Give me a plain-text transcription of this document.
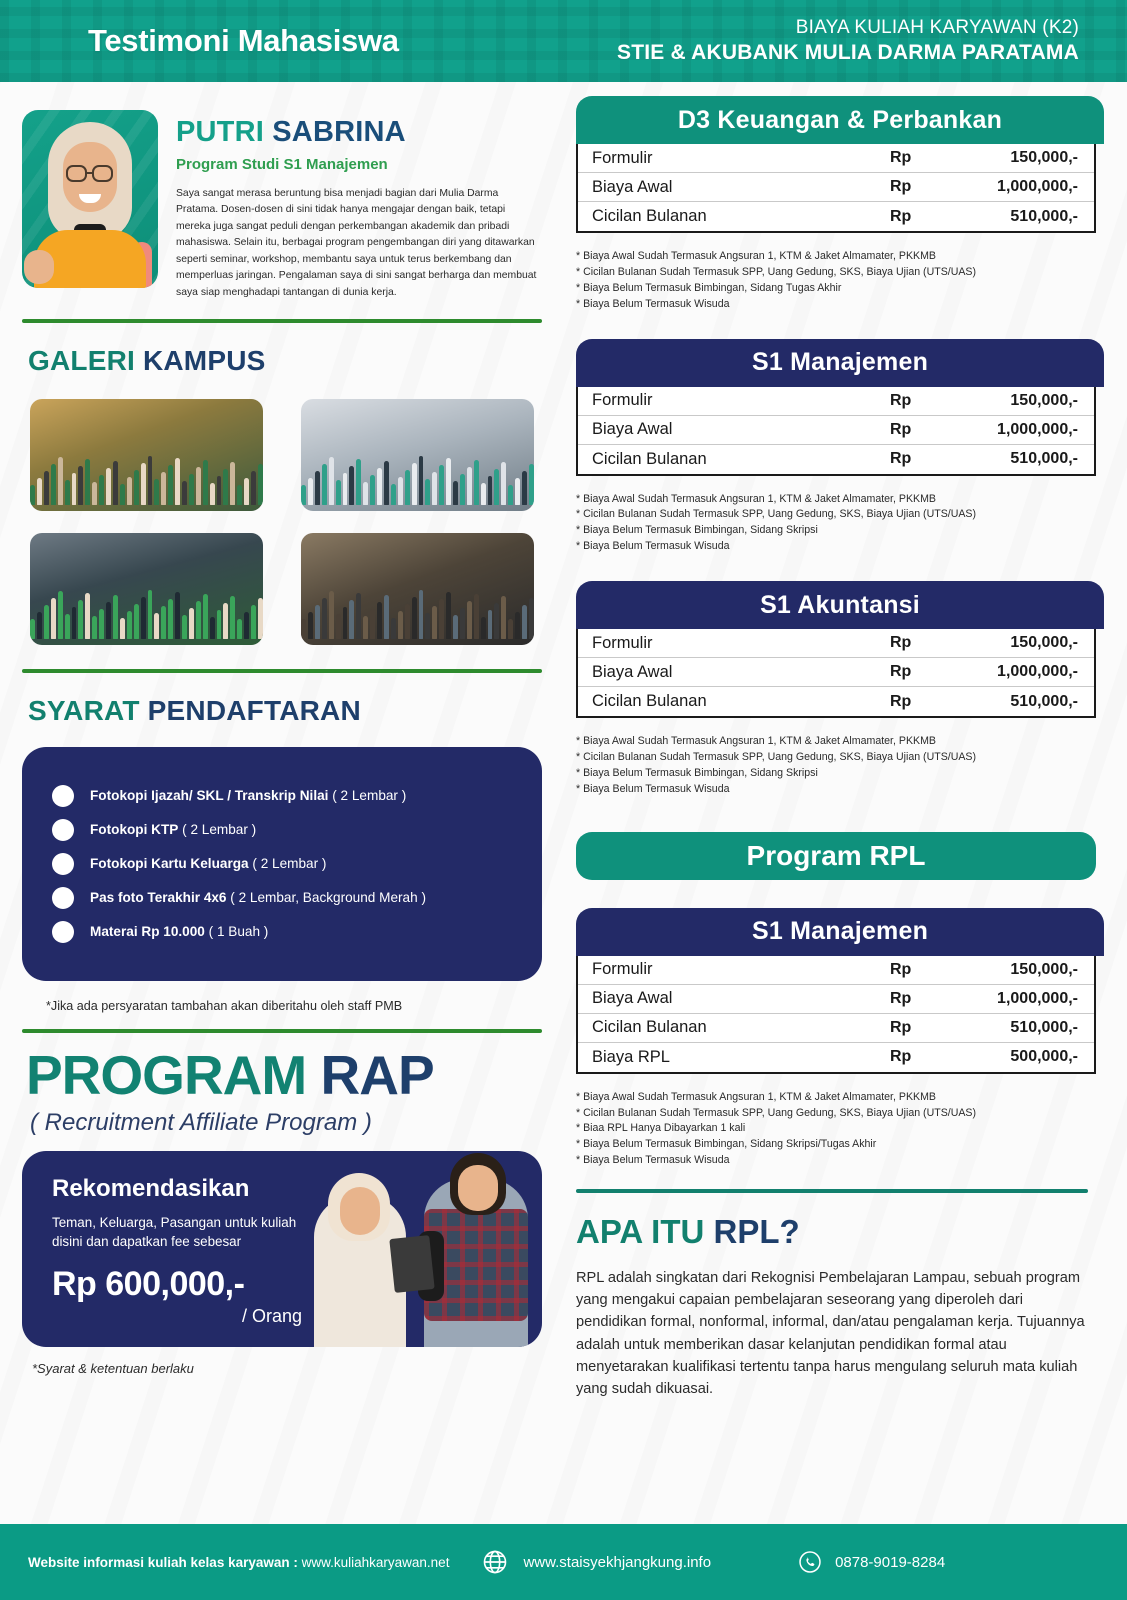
Testimoni Mahasiswa	BIAYA KULIAH KARYAWAN (K2)
STIE & AKUBANK MULIA DARMA PARATAMA
PUTRI SABRINA
Program Studi S1 Manajemen
Saya sangat merasa beruntung bisa menjadi bagian dari Mulia Darma Pratama. Dosen-dosen di sini tidak hanya mengajar dengan baik, tetapi mereka juga sangat peduli dengan perkembangan akademik dan pribadi mahasiswa. Selain itu, berbagai program pengembangan diri yang ditawarkan seperti seminar, workshop, membantu saya untuk terus berkembang dan memperluas jaringan. Pengalaman saya di sini sangat berharga dan membuat saya siap menghadapi tantangan di dunia kerja.
GALERI KAMPUS
SYARAT PENDAFTARAN
Fotokopi Ijazah/ SKL / Transkrip Nilai ( 2 Lembar )
Fotokopi KTP ( 2 Lembar )
Fotokopi Kartu Keluarga ( 2 Lembar )
Pas foto Terakhir 4x6 ( 2 Lembar, Background Merah )
Materai Rp 10.000 ( 1 Buah )
*Jika ada persyaratan tambahan akan diberitahu oleh staff PMB
PROGRAM RAP
( Recruitment Affiliate Program )
Rekomendasikan
Teman, Keluarga, Pasangan untuk kuliah disini dan dapatkan fee sebesar
Rp 600,000,-
/ Orang
*Syarat & ketentuan berlaku
D3 Keuangan & Perbankan
Formulir	Rp	150,000,-
Biaya Awal	Rp	1,000,000,-
Cicilan Bulanan	Rp	510,000,-
* Biaya Awal Sudah Termasuk Angsuran 1, KTM & Jaket Almamater, PKKMB
* Cicilan Bulanan Sudah Termasuk SPP, Uang Gedung, SKS, Biaya Ujian (UTS/UAS)
* Biaya Belum Termasuk Bimbingan, Sidang Tugas Akhir
* Biaya Belum Termasuk Wisuda
S1 Manajemen
Formulir	Rp	150,000,-
Biaya Awal	Rp	1,000,000,-
Cicilan Bulanan	Rp	510,000,-
* Biaya Awal Sudah Termasuk Angsuran 1, KTM & Jaket Almamater, PKKMB
* Cicilan Bulanan Sudah Termasuk SPP, Uang Gedung, SKS, Biaya Ujian (UTS/UAS)
* Biaya Belum Termasuk Bimbingan, Sidang Skripsi
* Biaya Belum Termasuk Wisuda
S1 Akuntansi
Formulir	Rp	150,000,-
Biaya Awal	Rp	1,000,000,-
Cicilan Bulanan	Rp	510,000,-
* Biaya Awal Sudah Termasuk Angsuran 1, KTM & Jaket Almamater, PKKMB
* Cicilan Bulanan Sudah Termasuk SPP, Uang Gedung, SKS, Biaya Ujian (UTS/UAS)
* Biaya Belum Termasuk Bimbingan, Sidang Skripsi
* Biaya Belum Termasuk Wisuda
Program RPL
S1 Manajemen
Formulir	Rp	150,000,-
Biaya Awal	Rp	1,000,000,-
Cicilan Bulanan	Rp	510,000,-
Biaya RPL	Rp	500,000,-
* Biaya Awal Sudah Termasuk Angsuran 1, KTM & Jaket Almamater, PKKMB
* Cicilan Bulanan Sudah Termasuk SPP, Uang Gedung, SKS, Biaya Ujian (UTS/UAS)
* Biaa RPL Hanya Dibayarkan 1 kali
* Biaya Belum Termasuk Bimbingan, Sidang Skripsi/Tugas Akhir
* Biaya Belum Termasuk Wisuda
APA ITU RPL?
RPL adalah singkatan dari Rekognisi Pembelajaran Lampau, sebuah program yang mengakui capaian pembelajaran seseorang yang diperoleh dari pendidikan formal, nonformal, informal, dan/atau pengalaman kerja. Tujuannya adalah untuk memberikan dasar kelanjutan pendidikan formal atau menyetarakan kualifikasi tertentu tanpa harus mengulang seluruh mata kuliah yang sudah dikuasai.
Website informasi kuliah kelas karyawan : www.kuliahkaryawan.net	www.staisyekhjangkung.info	0878-9019-8284
